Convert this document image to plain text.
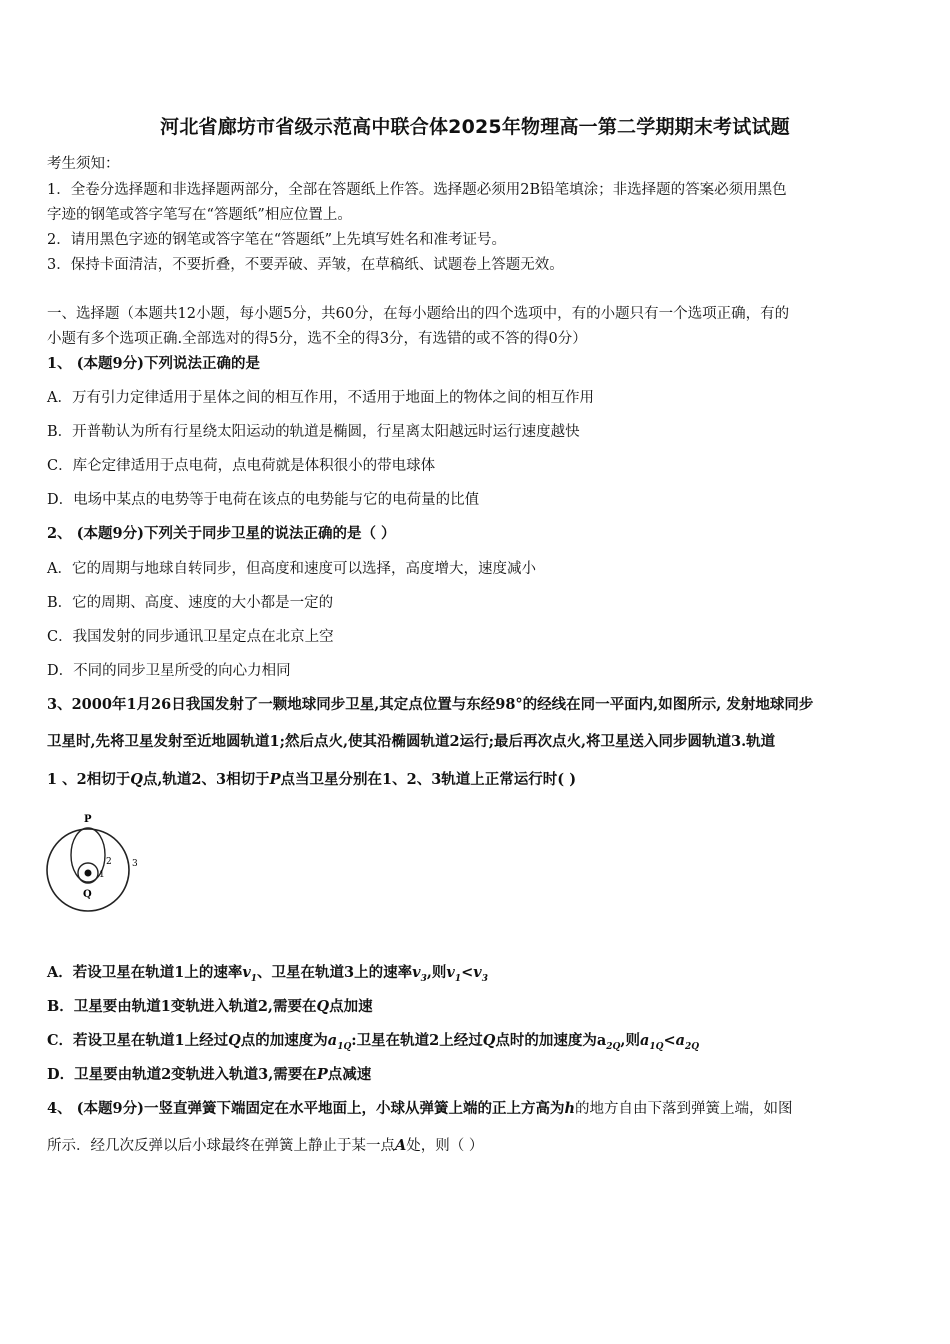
河北省廊坊市省级示范高中联合体2025年物理高一第二学期期末考试试题
考生须知：
1．全卷分选择题和非选择题两部分，全部在答题纸上作答。选择题必须用2B铅笔填涂；非选择题的答案必须用黑色
字迹的钢笔或答字笔写在“答题纸”相应位置上。
2．请用黑色字迹的钢笔或答字笔在“答题纸”上先填写姓名和准考证号。
3．保持卡面清洁，不要折叠，不要弄破、弄皱，在草稿纸、试题卷上答题无效。
一、选择题（本题共12小题，每小题5分，共60分，在每小题给出的四个选项中，有的小题只有一个选项正确，有的
小题有多个选项正确.全部选对的得5分，选不全的得3分，有选错的或不答的得0分）
1、 (本题9分)下列说法正确的是
A．万有引力定律适用于星体之间的相互作用，不适用于地面上的物体之间的相互作用
B．开普勒认为所有行星绕太阳运动的轨道是椭圆，行星离太阳越远时运行速度越快
C．库仑定律适用于点电荷，点电荷就是体积很小的带电球体
D．电场中某点的电势等于电荷在该点的电势能与它的电荷量的比值
2、 (本题9分)下列关于同步卫星的说法正确的是（ ）
A．它的周期与地球自转同步，但高度和速度可以选择，高度增大，速度减小
B．它的周期、高度、速度的大小都是一定的
C．我国发射的同步通讯卫星定点在北京上空
D．不同的同步卫星所受的向心力相同
3、2000年1月26日我国发射了一颗地球同步卫星,其定点位置与东经98°的经线在同一平面内,如图所示, 发射地球同步
卫星时,先将卫星发射至近地圆轨道1;然后点火,使其沿椭圆轨道2运行;最后再次点火,将卫星送入同步圆轨道3.轨道
1 、2相切于Q点,轨道2、3相切于P点当卫星分别在1、2、3轨道上正常运行时( )
P
Q
1
2 3
A．若设卫星在轨道1上的速率$v_1$、卫星在轨道3上的速率$v_3$,则$v_1<v_3$
B．卫星要由轨道1变轨进入轨道2,需要在Q点加速
C．若设卫星在轨道1上经过Q点的加速度为$a_{1Q}$:卫星在轨道2上经过Q点时的加速度为$a_{2Q}$,则$a_{1Q}<a_{2Q}$
D．卫星要由轨道2变轨进入轨道3,需要在P点减速
4、 (本题9分)一竖直弹簧下端固定在水平地面上，小球从弹簧上端的正上方高为h的地方自由下落到弹簧上端，如图
所示．经几次反弹以后小球最终在弹簧上静止于某一点A处，则（ ）
